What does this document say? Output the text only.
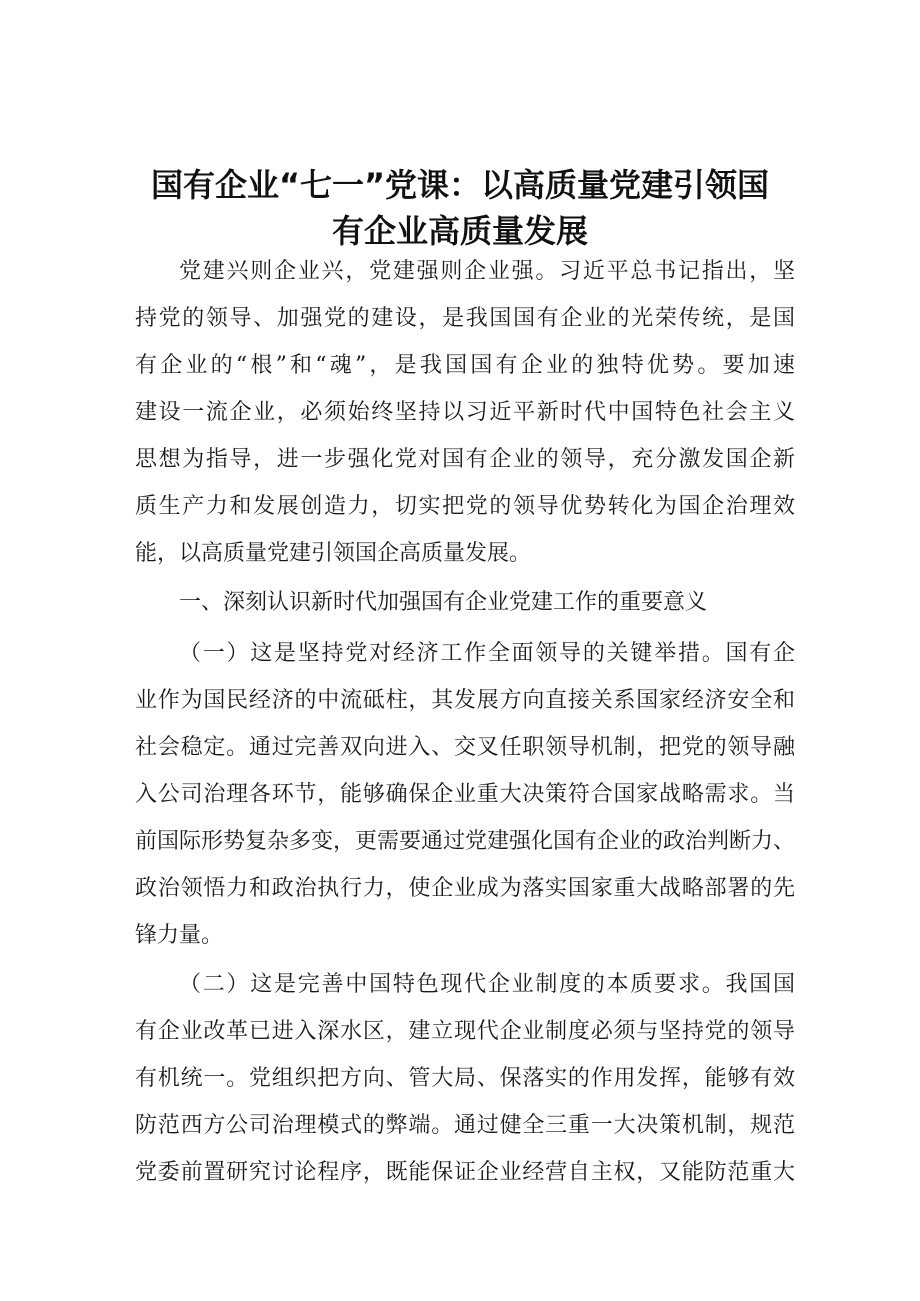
国有企业“七一”党课：以高质量党建引领国
有企业高质量发展
党建兴则企业兴，党建强则企业强。习近平总书记指出，坚
持党的领导、加强党的建设，是我国国有企业的光荣传统，是国
有企业的“根”和“魂”，是我国国有企业的独特优势。要加速
建设一流企业，必须始终坚持以习近平新时代中国特色社会主义
思想为指导，进一步强化党对国有企业的领导，充分激发国企新
质生产力和发展创造力，切实把党的领导优势转化为国企治理效
能，以高质量党建引领国企高质量发展。
一、深刻认识新时代加强国有企业党建工作的重要意义
（一）这是坚持党对经济工作全面领导的关键举措。国有企
业作为国民经济的中流砥柱，其发展方向直接关系国家经济安全和
社会稳定。通过完善双向进入、交叉任职领导机制，把党的领导融
入公司治理各环节，能够确保企业重大决策符合国家战略需求。当
前国际形势复杂多变，更需要通过党建强化国有企业的政治判断力、
政治领悟力和政治执行力，使企业成为落实国家重大战略部署的先
锋力量。
（二）这是完善中国特色现代企业制度的本质要求。我国国
有企业改革已进入深水区，建立现代企业制度必须与坚持党的领导
有机统一。党组织把方向、管大局、保落实的作用发挥，能够有效
防范西方公司治理模式的弊端。通过健全三重一大决策机制，规范
党委前置研究讨论程序，既能保证企业经营自主权，又能防范重大
